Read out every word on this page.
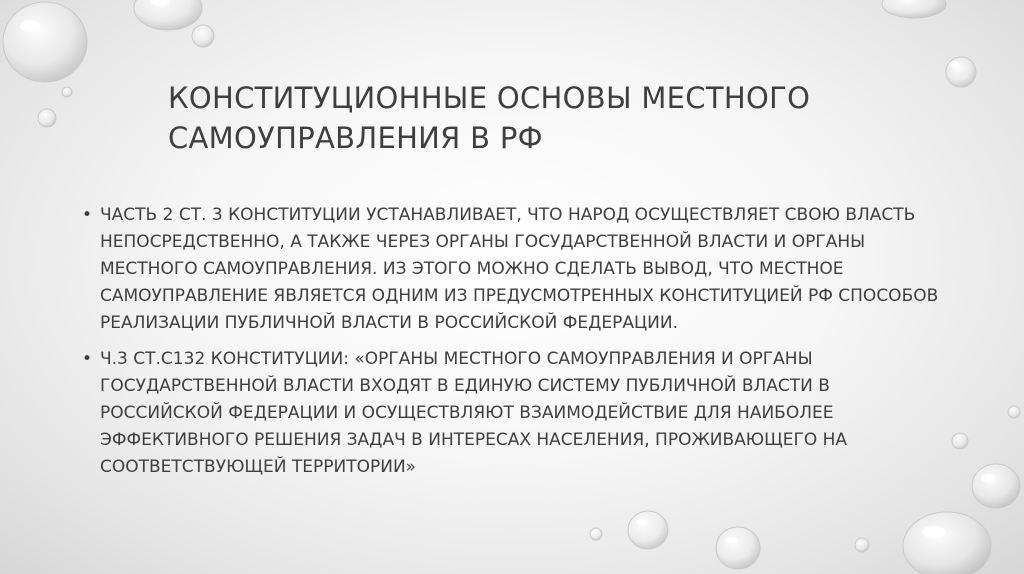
КОНСТИТУЦИОННЫЕ ОСНОВЫ МЕСТНОГО
САМОУПРАВЛЕНИЯ В РФ
• ЧАСТЬ 2 СТ. 3 КОНСТИТУЦИИ УСТАНАВЛИВАЕТ, ЧТО НАРОД ОСУЩЕСТВЛЯЕТ СВОЮ ВЛАСТЬ
НЕПОСРЕДСТВЕННО, А ТАКЖЕ ЧЕРЕЗ ОРГАНЫ ГОСУДАРСТВЕННОЙ ВЛАСТИ И ОРГАНЫ
МЕСТНОГО САМОУПРАВЛЕНИЯ. ИЗ ЭТОГО МОЖНО СДЕЛАТЬ ВЫВОД, ЧТО МЕСТНОЕ
САМОУПРАВЛЕНИЕ ЯВЛЯЕТСЯ ОДНИМ ИЗ ПРЕДУСМОТРЕННЫХ КОНСТИТУЦИЕЙ РФ СПОСОБОВ
РЕАЛИЗАЦИИ ПУБЛИЧНОЙ ВЛАСТИ В РОССИЙСКОЙ ФЕДЕРАЦИИ.
• Ч.3 СТ.С132 КОНСТИТУЦИИ: «ОРГАНЫ МЕСТНОГО САМОУПРАВЛЕНИЯ И ОРГАНЫ
ГОСУДАРСТВЕННОЙ ВЛАСТИ ВХОДЯТ В ЕДИНУЮ СИСТЕМУ ПУБЛИЧНОЙ ВЛАСТИ В
РОССИЙСКОЙ ФЕДЕРАЦИИ И ОСУЩЕСТВЛЯЮТ ВЗАИМОДЕЙСТВИЕ ДЛЯ НАИБОЛЕЕ
ЭФФЕКТИВНОГО РЕШЕНИЯ ЗАДАЧ В ИНТЕРЕСАХ НАСЕЛЕНИЯ, ПРОЖИВАЮЩЕГО НА
СООТВЕТСТВУЮЩЕЙ ТЕРРИТОРИИ»
